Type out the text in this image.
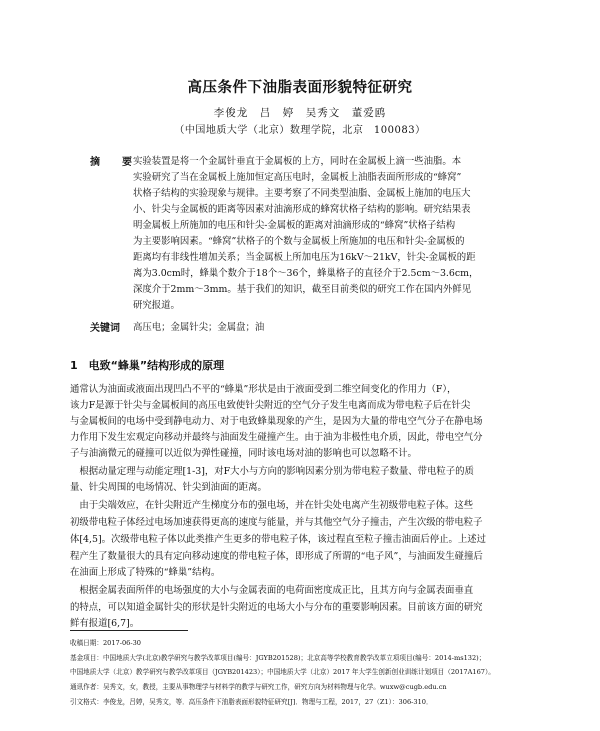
高压条件下油脂表面形貌特征研究
李俊龙　吕　婷　吴秀文　董爱鸥
（中国地质大学（北京）数理学院，北京　100083）
摘　要
实验装置是将一个金属针垂直于金属板的上方，同时在金属板上滴一些油脂。本
实验研究了当在金属板上施加恒定高压电时，金属板上油脂表面所形成的“蜂窝”
状格子结构的实验现象与规律。主要考察了不同类型油脂、金属板上施加的电压大
小、针尖与金属板的距离等因素对油滴形成的蜂窝状格子结构的影响。研究结果表
明金属板上所施加的电压和针尖-金属板的距离对油滴形成的“蜂窝”状格子结构
为主要影响因素。“蜂窝”状格子的个数与金属板上所施加的电压和针尖-金属板的
距离均有非线性增加关系；当金属板上所加电压为16kV～21kV，针尖-金属板的距
离为3.0cm时，蜂巢个数介于18个～36个，蜂巢格子的直径介于2.5cm～3.6cm，
深度介于2mm～3mm。基于我们的知识，截至目前类似的研究工作在国内外鲜见
研究报道。
关键词 高压电；金属针尖；金属盘；油
1　电致“蜂巢”结构形成的原理
通常认为油面或液面出现凹凸不平的“蜂巢”形状是由于液面受到二维空间变化的作用力（F），
该力F是源于针尖与金属板间的高压电致使针尖附近的空气分子发生电离而成为带电粒子后在针尖
与金属板间的电场中受到静电动力、对于电致蜂巢现象的产生，是因为大量的带电空气分子在静电场
力作用下发生宏观定向移动并最终与油面发生碰撞产生。由于油为非极性电介质，因此，带电空气分
子与油滴微元的碰撞可以近似为弹性碰撞，同时该电场对油的影响也可以忽略不计。
　根据动量定理与动能定理[1-3]，对F大小与方向的影响因素分别为带电粒子数量、带电粒子的质
量、针尖周围的电场情况、针尖到油面的距离。
　由于尖端效应，在针尖附近产生梯度分布的强电场，并在针尖处电离产生初级带电粒子体。这些
初级带电粒子体经过电场加速获得更高的速度与能量，并与其他空气分子撞击，产生次级的带电粒子
体[4,5]。次级带电粒子体以此类推产生更多的带电粒子体，该过程直至粒子撞击油面后停止。上述过
程产生了数量很大的具有定向移动速度的带电粒子体，即形成了所谓的“电子风”，与油面发生碰撞后
在油面上形成了特殊的“蜂巢”结构。
　根据金属表面所伴的电场强度的大小与金属表面的电荷面密度成正比，且其方向与金属表面垂直
的特点，可以知道金属针尖的形状是针尖附近的电场大小与分布的重要影响因素。目前该方面的研究
鲜有报道[6,7]。
收稿日期：2017-06-30
基金项目：中国地质大学(北京)教学研究与教学改革项目(编号：JGYB201528)；北京高等学校教育教学改革立项项目(编号：2014-ms132)；
中国地质大学（北京）教学研究与教学改革项目（JGYB201423）；中国地质大学（北京）2017 年大学生创新创业训练计划项目（2017A167）。
通讯作者：吴秀文，女，教授，主要从事物理学与材料学的教学与研究工作，研究方向为材料物理与化学。wuxw@cugb.edu.cn
引文格式：李俊龙，吕婷，吴秀文，等．高压条件下油脂表面形貌特征研究[J]．物理与工程，2017，27（Z1）：306-310．
